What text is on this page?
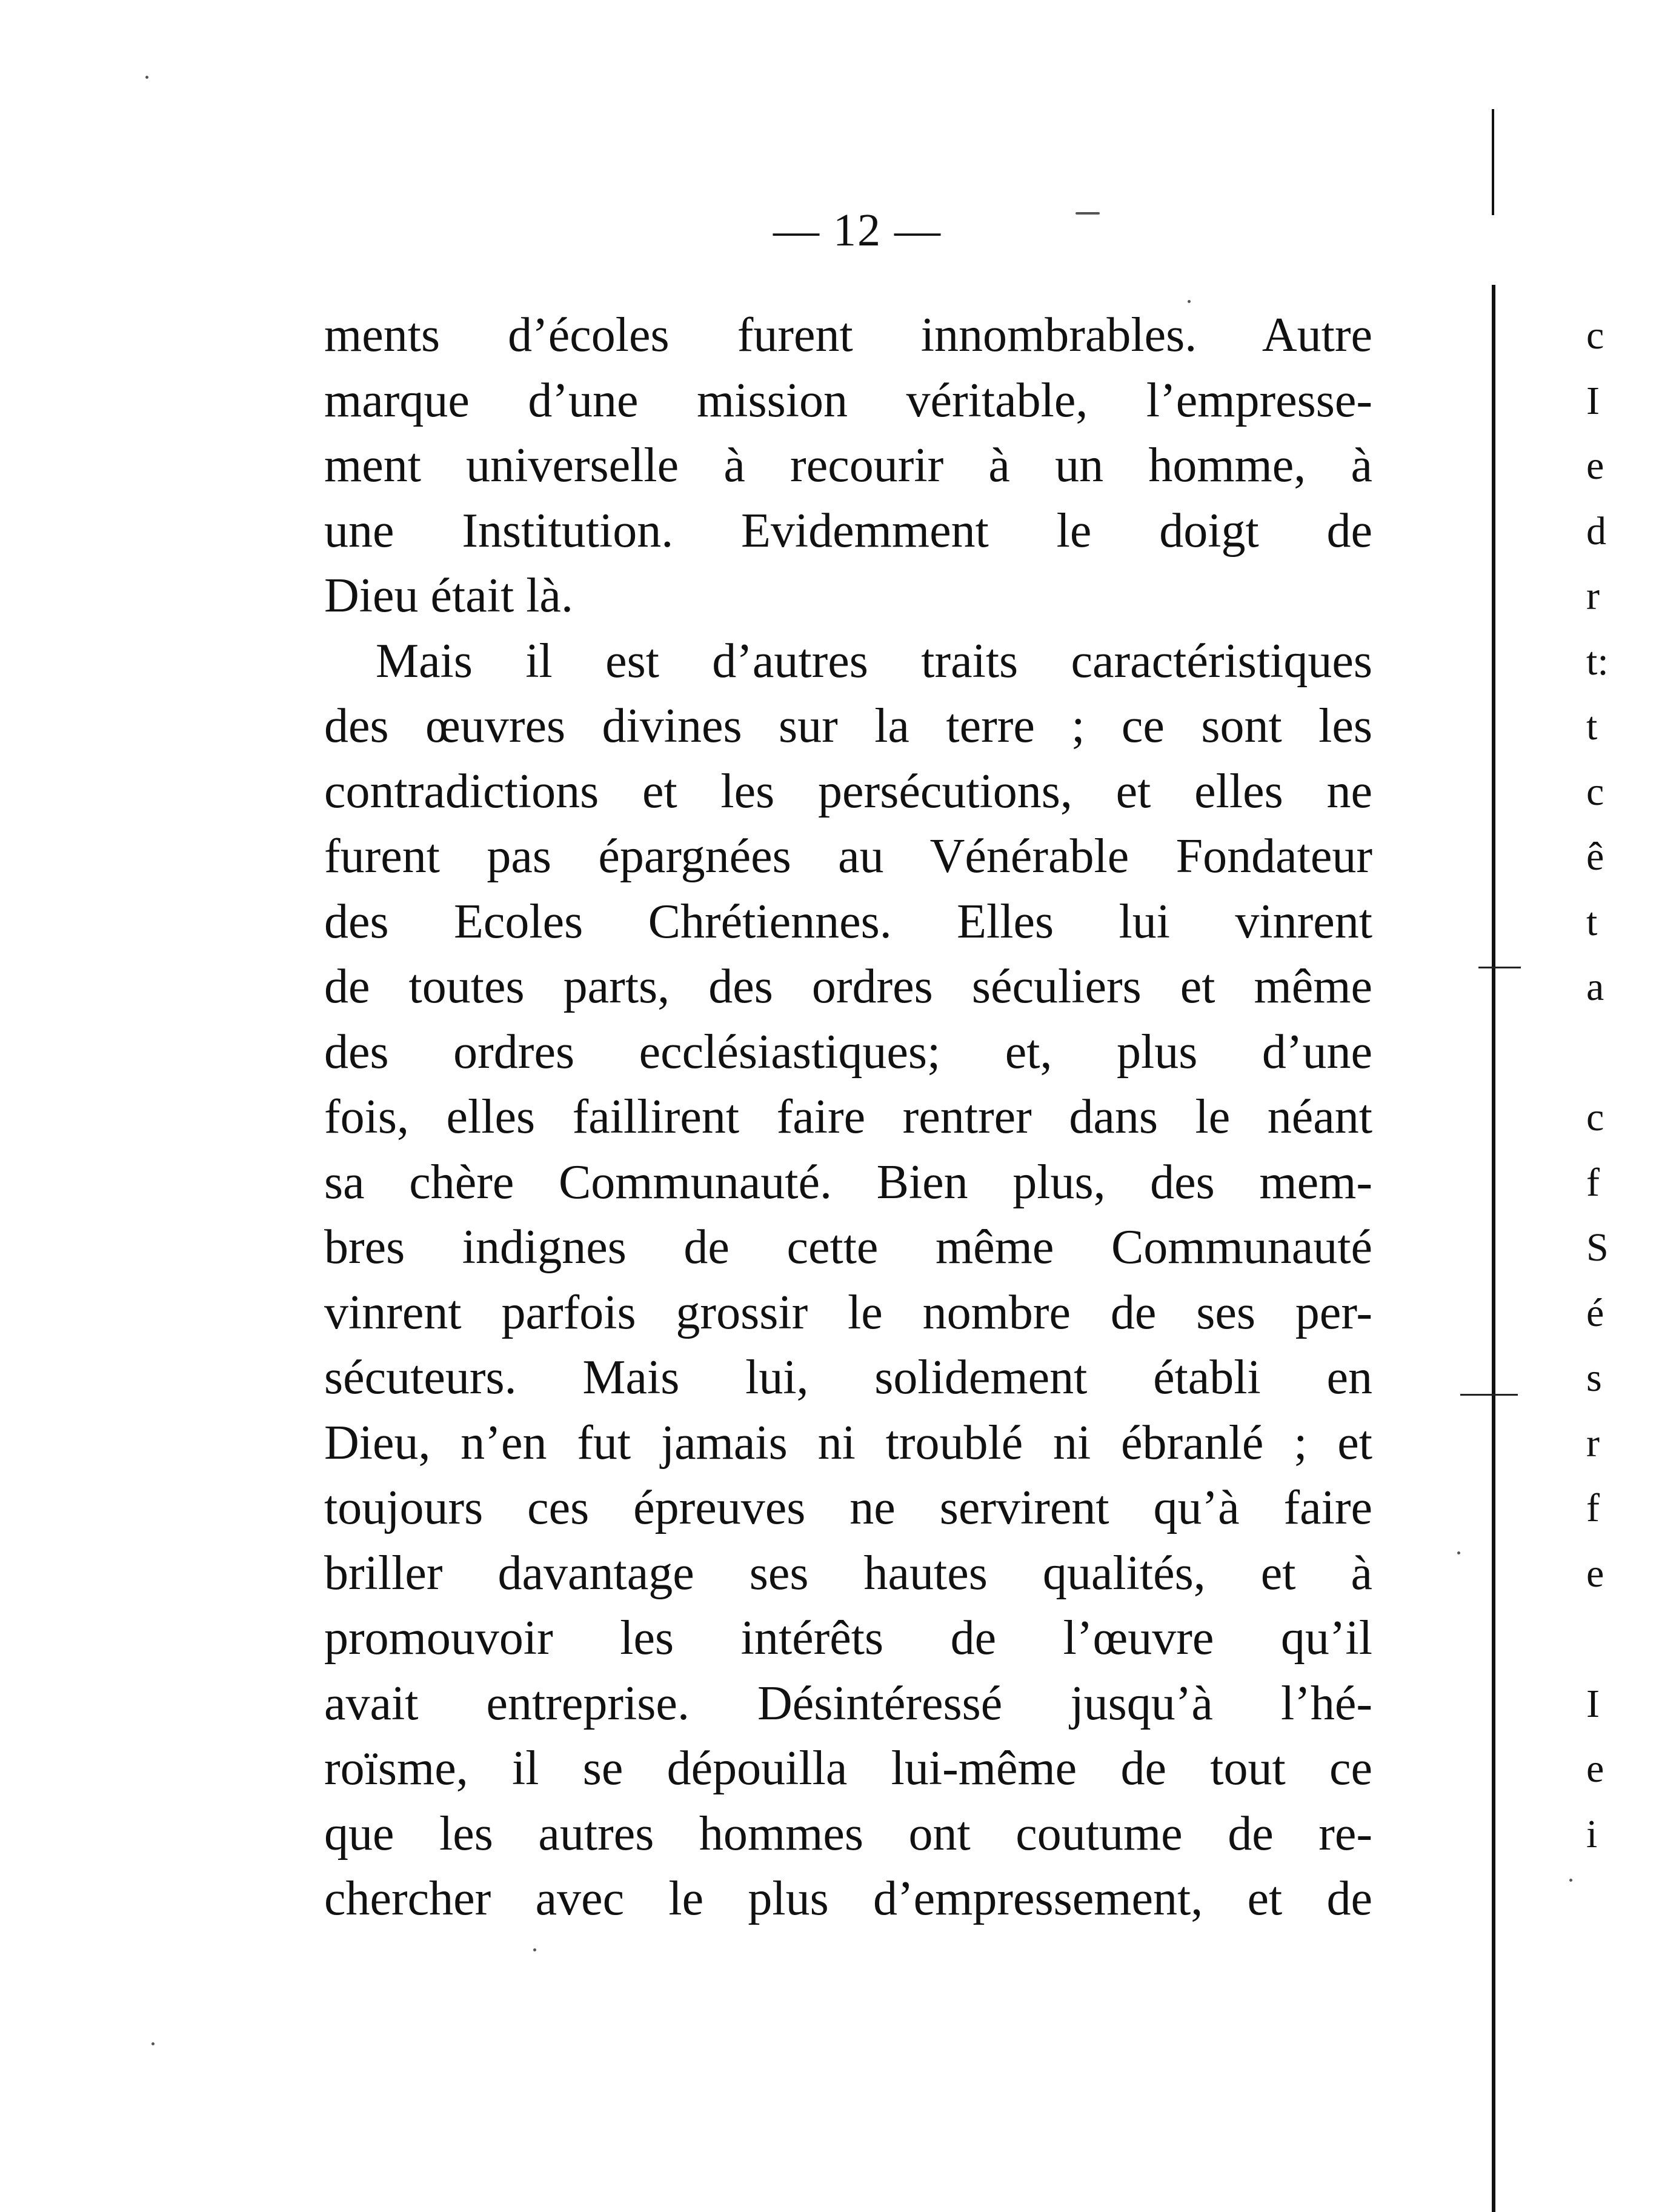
— 12 —
ments d’écoles furent innombrables. Autre
marque d’une mission véritable, l’empresse-
ment universelle à recourir à un homme, à
une Institution. Evidemment le doigt de
Dieu était là.
Mais il est d’autres traits caractéristiques
des œuvres divines sur la terre ; ce sont les
contradictions et les persécutions, et elles ne
furent pas épargnées au Vénérable Fondateur
des Ecoles Chrétiennes. Elles lui vinrent
de toutes parts, des ordres séculiers et même
des ordres ecclésiastiques; et, plus d’une
fois, elles faillirent faire rentrer dans le néant
sa chère Communauté. Bien plus, des mem-
bres indignes de cette même Communauté
vinrent parfois grossir le nombre de ses per-
sécuteurs. Mais lui, solidement établi en
Dieu, n’en fut jamais ni troublé ni ébranlé ; et
toujours ces épreuves ne servirent qu’à faire
briller davantage ses hautes qualités, et à
promouvoir les intérêts de l’œuvre qu’il
avait entreprise. Désintéressé jusqu’à l’hé-
roïsme, il se dépouilla lui-même de tout ce
que les autres hommes ont coutume de re-
chercher avec le plus d’empressement, et de
c
I
e
d
r
t:
t
c
ê
t
a
c
f
S
é
s
r
f
e
I
e
i
